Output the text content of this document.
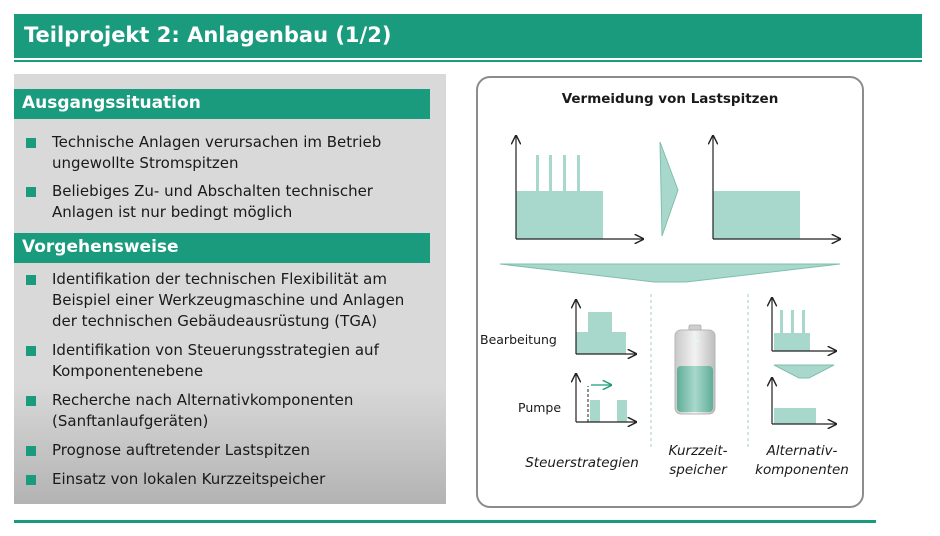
Teilprojekt 2: Anlagenbau (1/2)
Ausgangssituation
Technische Anlagen verursachen im Betrieb
ungewollte Stromspitzen
Beliebiges Zu- und Abschalten technischer
Anlagen ist nur bedingt möglich
Vorgehensweise
Identifikation der technischen Flexibilität am
Beispiel einer Werkzeugmaschine und Anlagen
der technischen Gebäudeausrüstung (TGA)
Identifikation von Steuerungsstrategien auf
Komponentenebene
Recherche nach Alternativkomponenten
(Sanftanlaufgeräten)
Prognose auftretender Lastspitzen
Einsatz von lokalen Kurzzeitspeicher
Vermeidung von Lastspitzen
+
Bearbeitung
Pumpe
Steuerstrategien
Kurzzeit-
speicher
Alternativ-
komponenten
